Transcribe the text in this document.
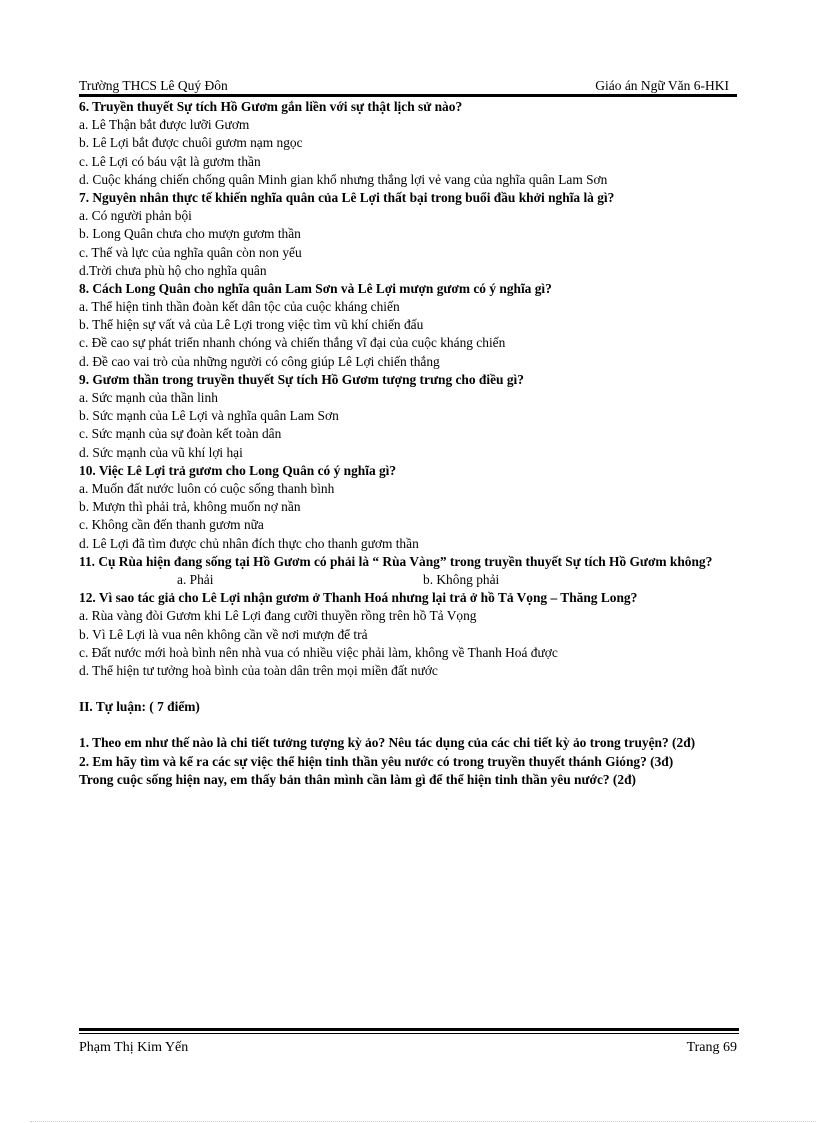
Trường THCS Lê Quý Đôn	Giáo án Ngữ Văn 6-HKI
6. Truyền thuyết Sự tích Hồ Gươm gắn liền với sự thật lịch sử nào?
a. Lê Thận bắt được lưỡi Gươm
b. Lê Lợi bắt được chuôi gươm nạm ngọc
c. Lê Lợi có báu vật là gươm thần
d. Cuộc kháng chiến chống quân Minh gian khổ nhưng thắng lợi vẻ vang của nghĩa quân Lam Sơn
7. Nguyên nhân thực tế khiến nghĩa quân của Lê Lợi thất bại trong buổi đầu khởi nghĩa là gì?
a. Có người phản bội
b. Long Quân chưa cho mượn gươm thần
c. Thế và lực của nghĩa quân còn non yếu
d.Trời chưa phù hộ cho nghĩa quân
8. Cách Long Quân cho nghĩa quân Lam Sơn và Lê Lợi mượn gươm có ý nghĩa gì?
a. Thể hiện tinh thần đoàn kết dân tộc của cuộc kháng chiến
b. Thể hiện sự vất vả của Lê Lợi trong việc tìm vũ khí chiến đấu
c. Đề cao sự phát triển nhanh chóng và chiến thắng vĩ đại của cuộc kháng chiến
d. Đề cao vai trò của những người có công giúp Lê Lợi chiến thắng
9. Gươm thần trong truyền thuyết Sự tích Hồ Gươm tượng trưng cho điều gì?
a. Sức mạnh của thần linh
b. Sức mạnh của Lê Lợi và nghĩa quân Lam Sơn
c. Sức mạnh của sự đoàn kết toàn dân
d. Sức mạnh của vũ khí lợi hại
10. Việc Lê Lợi trả gươm cho Long Quân có ý nghĩa gì?
a. Muốn đất nước luôn có cuộc sống thanh bình
b. Mượn thì phải trả, không muốn nợ nần
c. Không cần đến thanh gươm nữa
d. Lê Lợi đã tìm được chủ nhân đích thực cho thanh gươm thần
11. Cụ Rùa hiện đang sống tại Hồ Gươm có phải là “ Rùa Vàng” trong truyền thuyết Sự tích Hồ Gươm không?
a. Phải	b. Không phải
12. Vì sao tác giả cho Lê Lợi nhận gươm ở Thanh Hoá nhưng lại trả ở hồ Tả Vọng – Thăng Long?
a. Rùa vàng đòi Gươm khi Lê Lợi đang cưỡi thuyền rồng trên hồ Tả Vọng
b. Vì Lê Lợi là vua nên không cần về nơi mượn để trả
c. Đất nước mới hoà bình nên nhà vua có nhiều việc phải làm, không về Thanh Hoá được
d. Thể hiện tư tưởng hoà bình của toàn dân trên mọi miền đất nước
II. Tự luận: ( 7 điểm)
1. Theo em như thế nào là chi tiết tưởng tượng kỳ ảo? Nêu tác dụng của các chi tiết kỳ ảo trong truyện? (2đ)
2. Em hãy tìm và kể ra các sự việc thể hiện tinh thần yêu nước có trong truyền thuyết thánh Gióng? (3đ)
Trong cuộc sống hiện nay, em thấy bản thân mình cần làm gì để thể hiện tinh thần yêu nước? (2đ)
Phạm Thị Kim Yến	Trang 69
